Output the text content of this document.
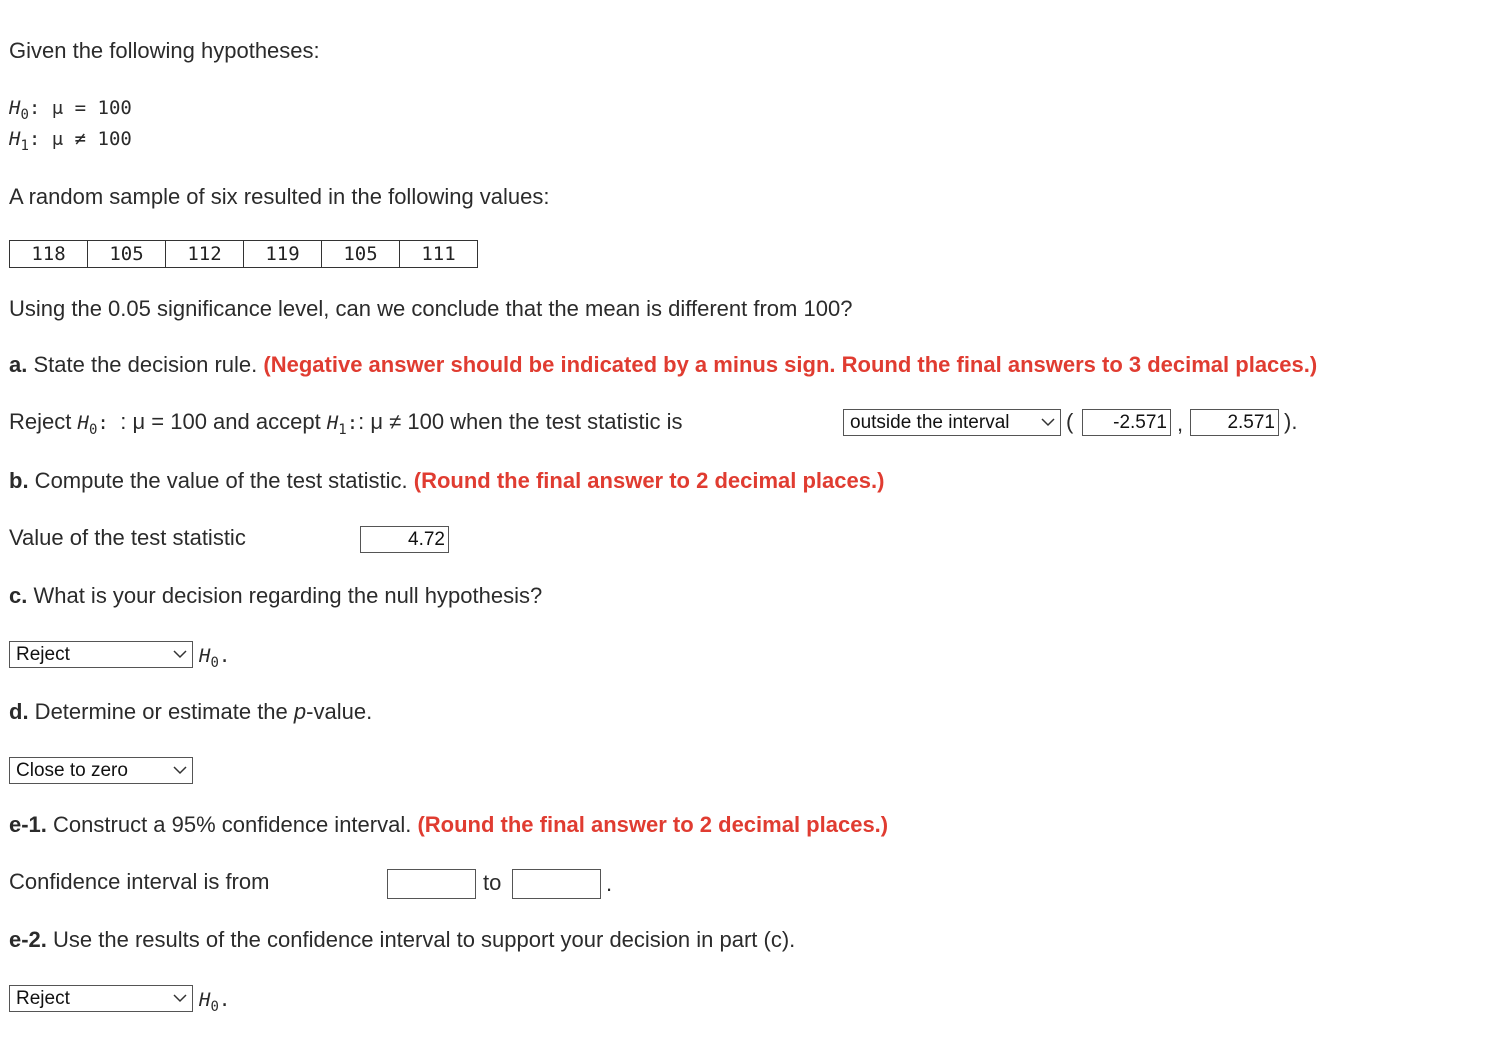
Given the following hypotheses:
$H_0$: μ = 100
$H_1$: μ ≠ 100
A random sample of six resulted in the following values:
118	105	112	119	105	111
Using the 0.05 significance level, can we conclude that the mean is different from 100?
a. State the decision rule. (Negative answer should be indicated by a minus sign. Round the final answers to 3 decimal places.)
Reject $H_0$: : μ = 100 and accept $H_1$:: μ ≠ 100 when the test statistic is	outside the interval	(	-2.571 ,	2.571 ).
b. Compute the value of the test statistic. (Round the final answer to 2 decimal places.)
Value of the test statistic	4.72
c. What is your decision regarding the null hypothesis?
Reject	$H_0$.
d. Determine or estimate the p-value.
Close to zero
e-1. Construct a 95% confidence interval. (Round the final answer to 2 decimal places.)
Confidence interval is from	to	.
e-2. Use the results of the confidence interval to support your decision in part (c).
Reject	$H_0$.
